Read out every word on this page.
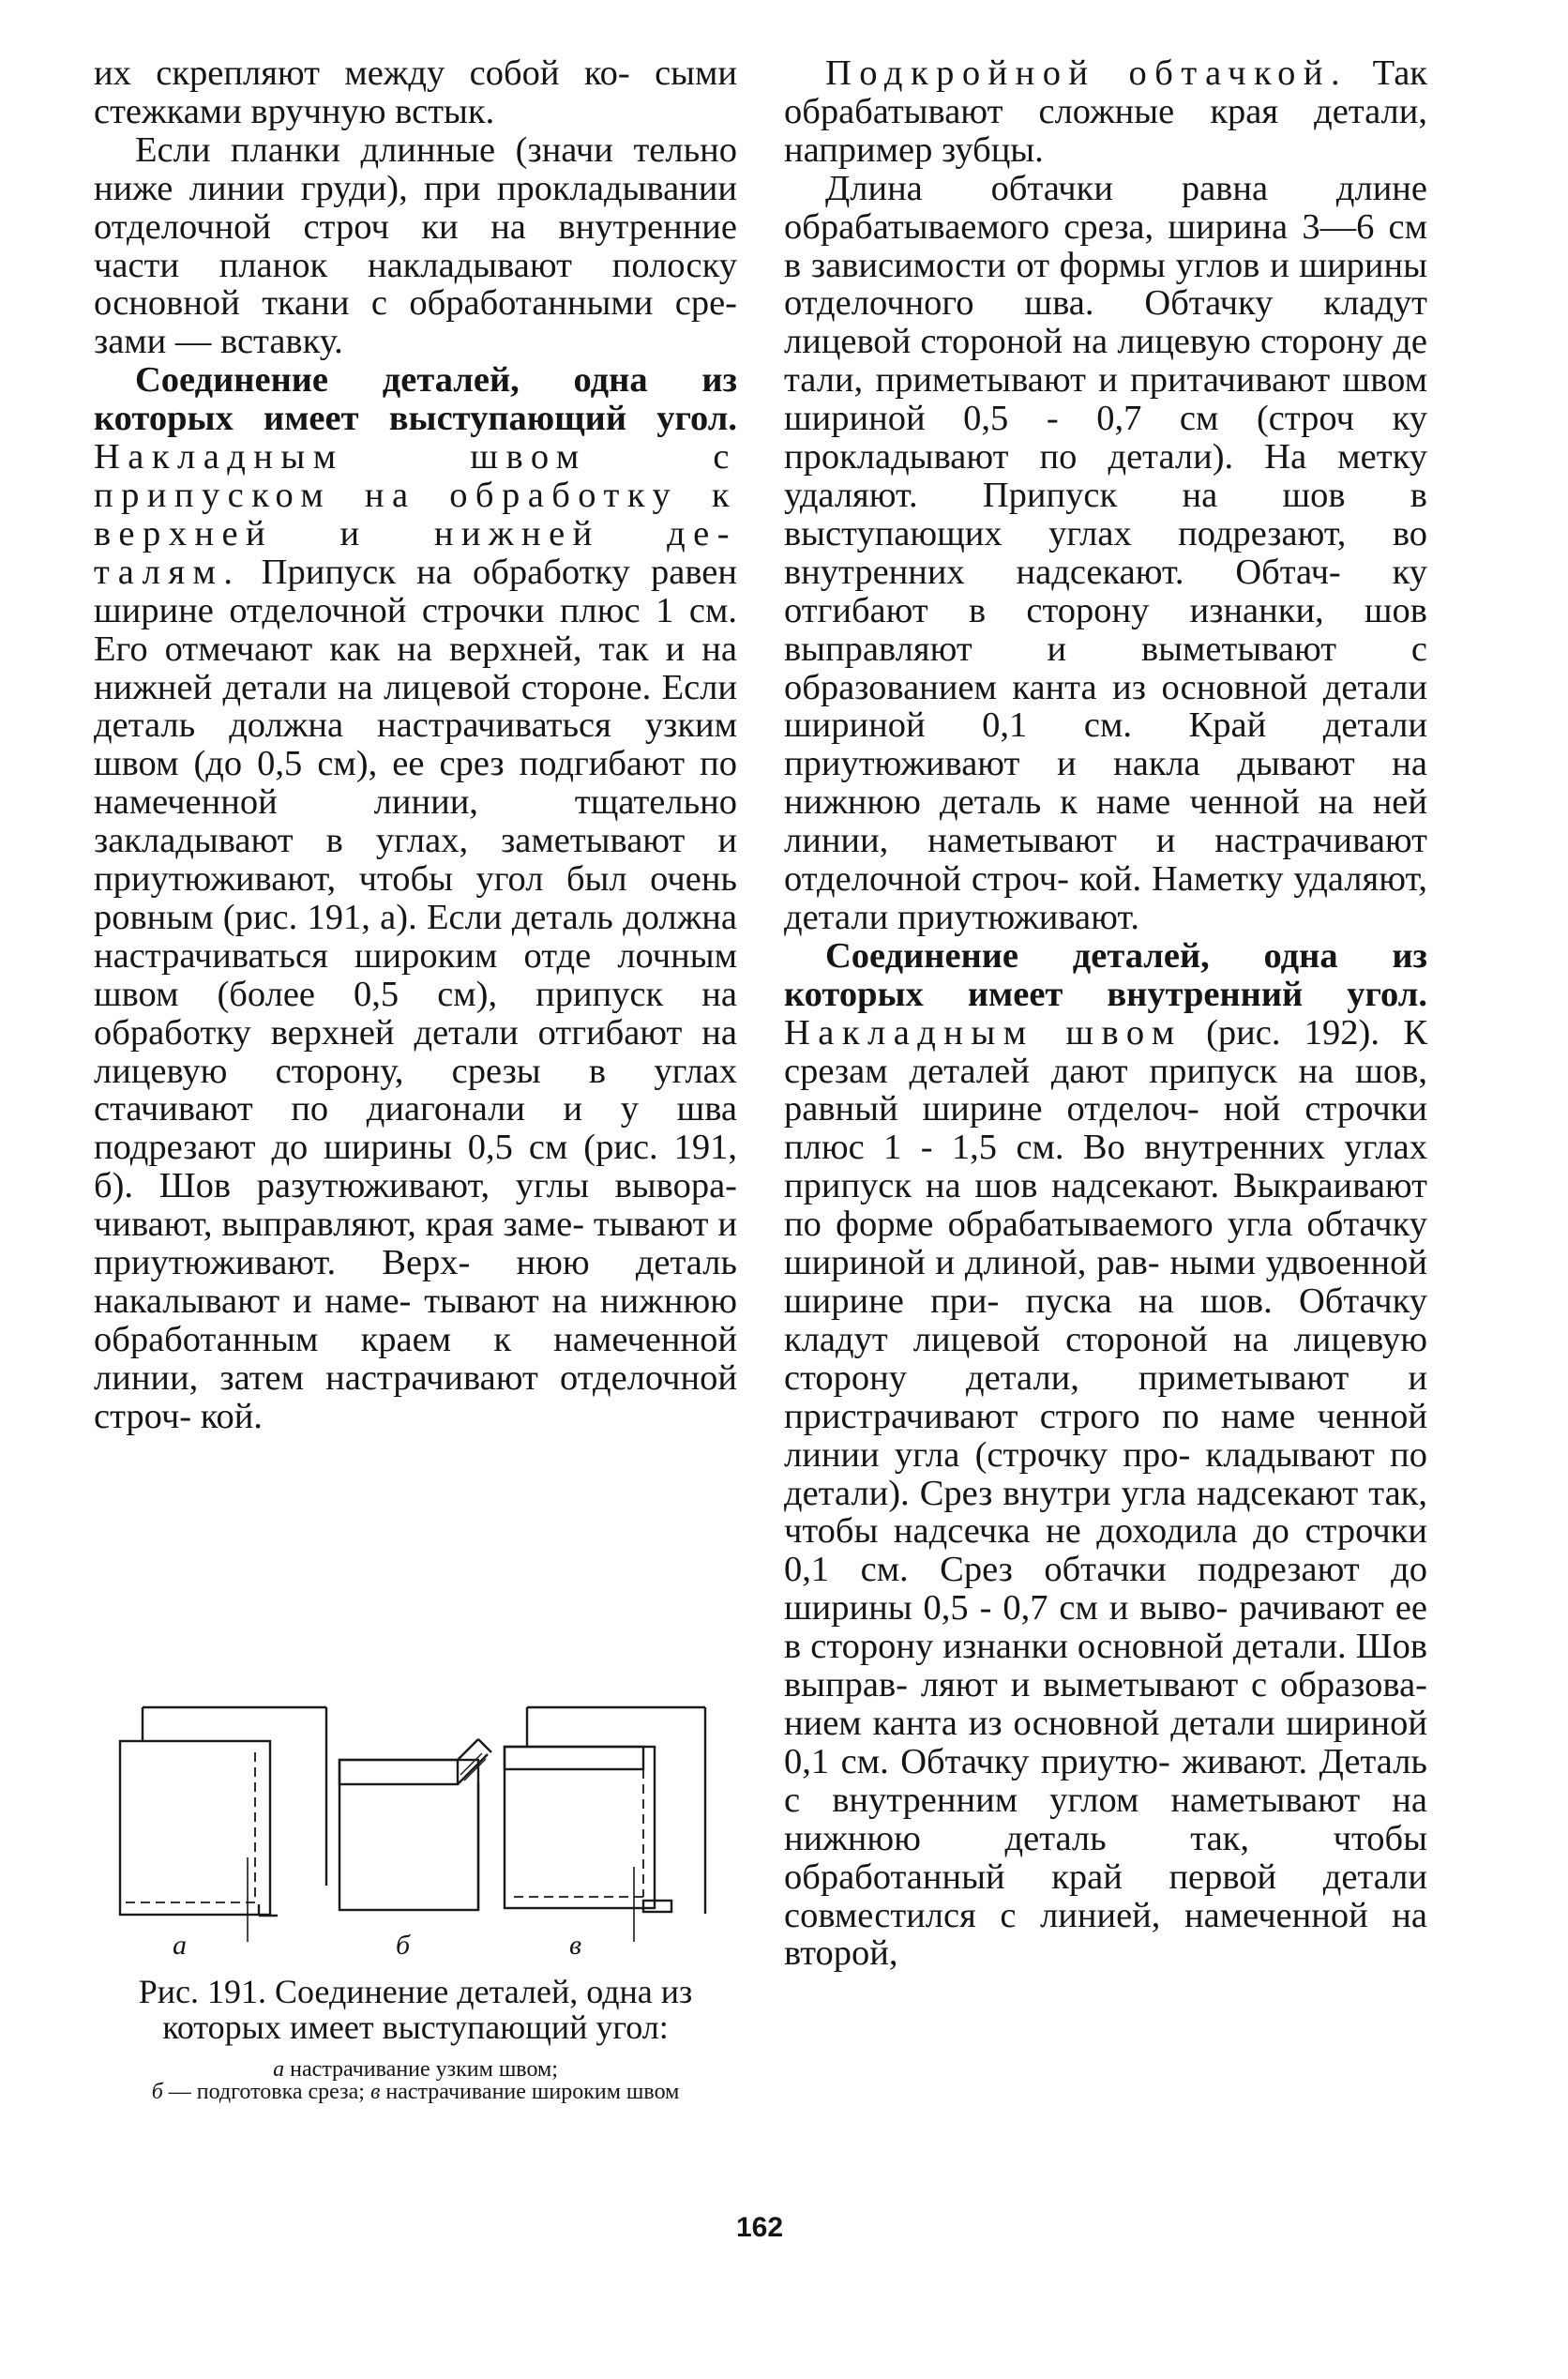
их скрепляют между собой ко- сыми стежками вручную встык.

Если планки длинные (значи тельно ниже линии груди), при прокладывании отделочной строч ки на внутренние части планок накладывают полоску основной ткани с обработанными сре- зами — вставку.

Соединение деталей, одна из которых имеет выступающий угол. Накладным швом с припуском на обработку к верхней и нижней де- талям. Припуск на обработку равен ширине отделочной строчки плюс 1 см. Его отмечают как на верхней, так и на нижней детали на лицевой стороне. Если деталь должна настрачиваться узким швом (до 0,5 см), ее срез подгибают по намеченной линии, тщательно закладывают в углах, заметывают и приутюживают, чтобы угол был очень ровным (рис. 191, а). Если деталь должна настрачиваться широким отде лочным швом (более 0,5 см), припуск на обработку верхней детали отгибают на лицевую сторону, срезы в углах стачивают по диагонали и у шва подрезают до ширины 0,5 см (рис. 191, б). Шов разутюживают, углы вывора- чивают, выправляют, края заме- тывают и приутюживают. Верх- нюю деталь накалывают и наме- тывают на нижнюю обработанным краем к намеченной линии, затем настрачивают отделочной строч- кой.

а	б	в

Рис. 191. Соединение деталей, одна из которых имеет выступающий угол:

а настрачивание узким швом;
б — подготовка среза; в настрачивание широким швом

Подкройной обтачкой. Так обрабатывают сложные края детали, например зубцы.

Длина обтачки равна длине обрабатываемого среза, ширина 3—6 см в зависимости от формы углов и ширины отделочного шва. Обтачку кладут лицевой стороной на лицевую сторону де тали, приметывают и притачивают швом шириной 0,5 - 0,7 см (строч ку прокладывают по детали). На метку удаляют. Припуск на шов в выступающих углах подрезают, во внутренних надсекают. Обтач- ку отгибают в сторону изнанки, шов выправляют и выметывают с образованием канта из основной детали шириной 0,1 см. Край детали приутюживают и накла дывают на нижнюю деталь к наме ченной на ней линии, наметывают и настрачивают отделочной строч- кой. Наметку удаляют, детали приутюживают.

Соединение деталей, одна из которых имеет внутренний угол. Накладным швом (рис. 192). К срезам деталей дают припуск на шов, равный ширине отделоч- ной строчки плюс 1 - 1,5 см. Во внутренних углах припуск на шов надсекают. Выкраивают по форме обрабатываемого угла обтачку шириной и длиной, рав- ными удвоенной ширине при- пуска на шов. Обтачку кладут лицевой стороной на лицевую сторону детали, приметывают и пристрачивают строго по наме ченной линии угла (строчку про- кладывают по детали). Срез внутри угла надсекают так, чтобы надсечка не доходила до строчки 0,1 см. Срез обтачки подрезают до ширины 0,5 - 0,7 см и выво- рачивают ее в сторону изнанки основной детали. Шов выправ- ляют и выметывают с образова- нием канта из основной детали шириной 0,1 см. Обтачку приутю- живают. Деталь с внутренним углом наметывают на нижнюю деталь так, чтобы обработанный край первой детали совместился с линией, намеченной на второй,

162
